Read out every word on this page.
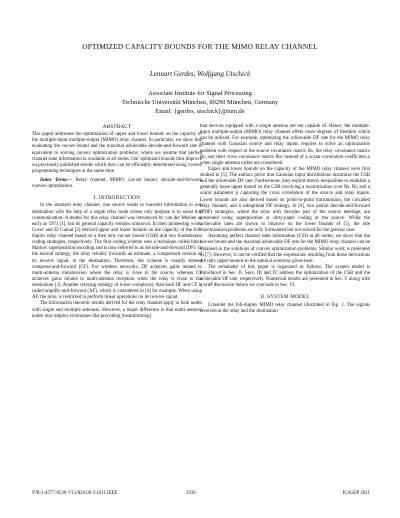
OPTIMIZED CAPACITY BOUNDS FOR THE MIMO RELAY CHANNEL
Lennart Gerdes, Wolfgang Utschick
Associate Institute for Signal Processing
Technische Universität München, 80290 München, Germany
Email: {gerdes, utschick}@tum.de
ABSTRACT

This paper addresses the optimization of upper and lower bounds on the capacity of the multiple-input multiple-output (MIMO) relay channel. In particular, we show that evaluating the cut-set bound and the maximal achievable decode-and-forward rate is equivalent to solving convex optimization problems, where we assume that perfect channel state information is available at all nodes. Our optimized bounds thus improve on previously published results which they can be efficiently determined using convex programming techniques at the same time.

Index Terms— Relay channel, MIMO, cut-set bound, decode-and-forward, convex optimization.

I. INTRODUCTION

In the standard relay channel, one source wants to transmit information to one destination with the help of a single relay node whose only purpose is to assist this communication. A model for this relay channel was introduced by van der Meulen as early as 1971 [1], but its general capacity remains unknown. In their pioneering work, Cover and El Gamal [2] derived upper and lower bounds on the capacity of the full-duplex relay channel based on a then new cut-set bound (CSB) and two fundamental coding strategies, respectively. The first coding scheme uses a technique called block Markov superposition encoding and is now referred to as decode-and-forward (DF). In the second strategy, the relay reliably forwards an estimate, a compressed version of its receive signal, to the destination. Therefore, this scheme is usually termed compress-and-forward (CF). For wireless networks, DF achieves gains related to multi-antenna transmission where the relay is close to the source, whereas CF achieves gains related to multi-antenna reception when the relay is close to the destination [3]. Another relaying strategy of lower complexity than both DF and CF is called amplify-and-forward (AF), which is considered in [4] for example. When using AF, the relay is restricted to perform linear operations on its receive signal.

The information theoretic results derived for the relay channel apply to both nodes with single and multiple antennas. However, a major difference is that multi-antenna nodes may employ techniques like precoding (beamforming)

that devices equipped with a single antenna are not capable of. Hence, the multiple-input multiple-output (MIMO) relay channel offers more degrees of freedom which can be utilized. For example, optimizing the achievable DF rate for the MIMO relay channel with Gaussian source and relay inputs requires to solve an optimization problem with respect to the source covariance matrix Rs, the relay covariance matrix Rr, and their cross covariance matrix Rsr instead of a scalar correlation coefficient ρ when single antenna nodes are considered.

Upper and lower bounds on the capacity of the MIMO relay channel were first studied in [5]. The authors prove that Gaussian input distributions maximize the CSB and the achievable DF rate. Furthermore, they exploit matrix inequalities to establish a generally loose upper bound on the CSB involving a maximization over Rs, Rr, and a scalar parameter ρ capturing the cross correlation of the source and relay inputs. Lower bounds are also derived based on point-to-point transmission, the cascaded relay channel, and a suboptimal DF strategy. In [6], two partial decode-and-forward (PDF) strategies, where the relay only decodes part of the source message, are presented using superposition or dirty-paper coding at the source. While the achievable rates are shown to improve on the lower bounds of [5], the rate maximization problems are only formulated but not solved for the general case.

Assuming perfect channel state information (CSI) at all nodes, we show that the cut-set bound and the maximal achievable DF rate for the MIMO relay channel can be obtained as the solutions of convex optimization problems. Similar work is presented in [7]. However, it can be verified that the expressions resulting from those derivations are only upper bounds to the optimal solutions given here.

The remainder of this paper is organized as follows. The system model is introduced in Sec. II. Secs. III and IV address the optimization of the CSB and the achievable DF rate, respectively. Numerical results are presented in Sec. V along with a brief discussion before we conclude in Sec. VI.

II. SYSTEM MODEL

Consider the full-duplex MIMO relay channel illustrated in Fig. 1. The signals received at the relay and the destination

978-1-4577-0539-7/11/$26.00 ©2011 IEEE	3336	ICASSP 2011
